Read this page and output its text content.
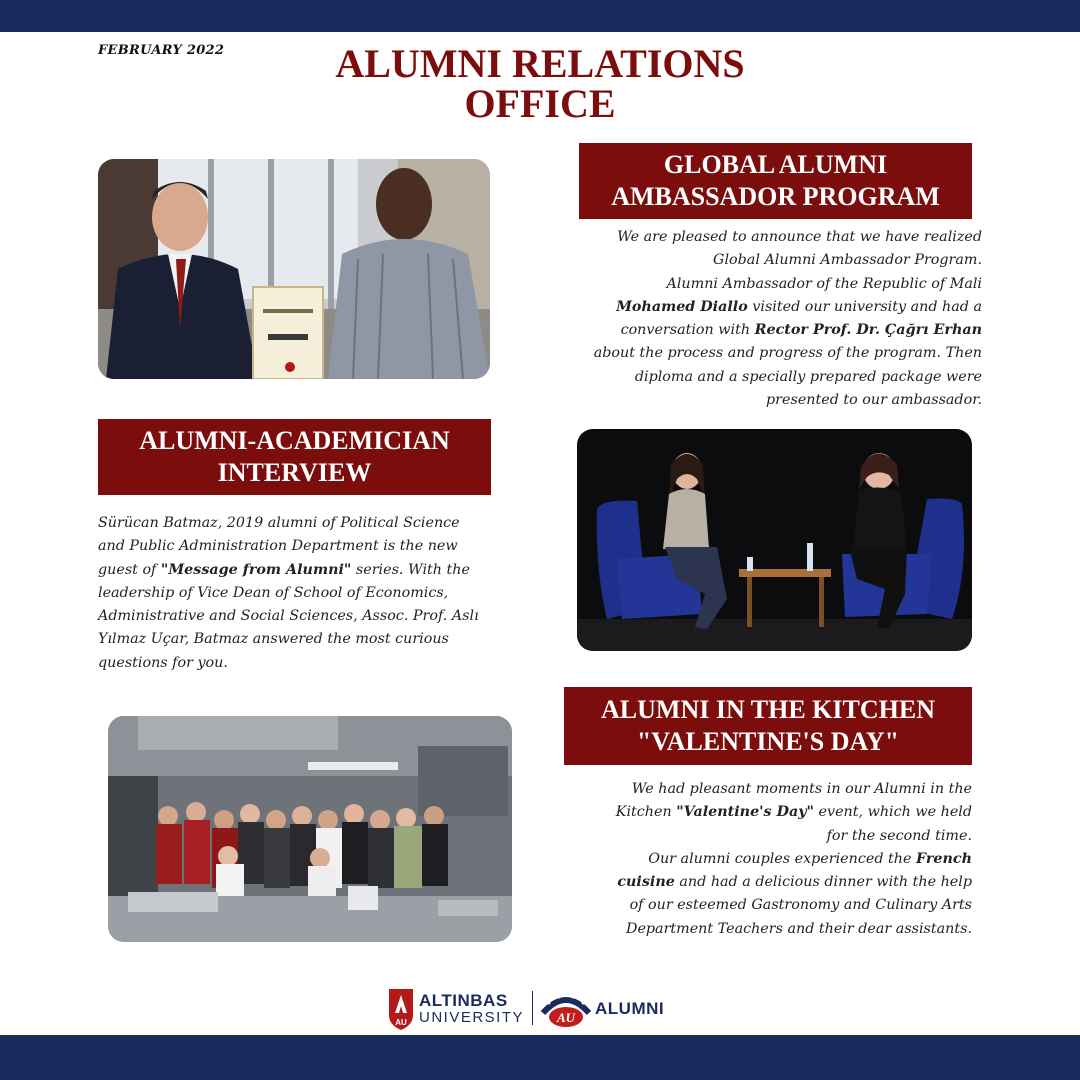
FEBRUARY 2022	ALUMNI RELATIONS
OFFICE
GLOBAL ALUMNI
AMBASSADOR PROGRAM
We are pleased to announce that we have realized
Global Alumni Ambassador Program.
Alumni Ambassador of the Republic of Mali
Mohamed Diallo visited our university and had a
conversation with Rector Prof. Dr. Çağrı Erhan
about the process and progress of the program. Then
diploma and a specially prepared package were
presented to our ambassador.
ALUMNI-ACADEMICIAN
INTERVIEW
Sürücan Batmaz, 2019 alumni of Political Science
and Public Administration Department is the new
guest of "Message from Alumni" series. With the
leadership of Vice Dean of School of Economics,
Administrative and Social Sciences, Assoc. Prof. Aslı
Yılmaz Uçar, Batmaz answered the most curious
questions for you.
ALUMNI IN THE KITCHEN
"VALENTINE'S DAY"
We had pleasant moments in our Alumni in the
Kitchen "Valentine's Day" event, which we held
for the second time.
Our alumni couples experienced the French
cuisine and had a delicious dinner with the help
of our esteemed Gastronomy and Culinary Arts
Department Teachers and their dear assistants.
AU
ALTINBAS
UNIVERSITY	AU ALUMNI
